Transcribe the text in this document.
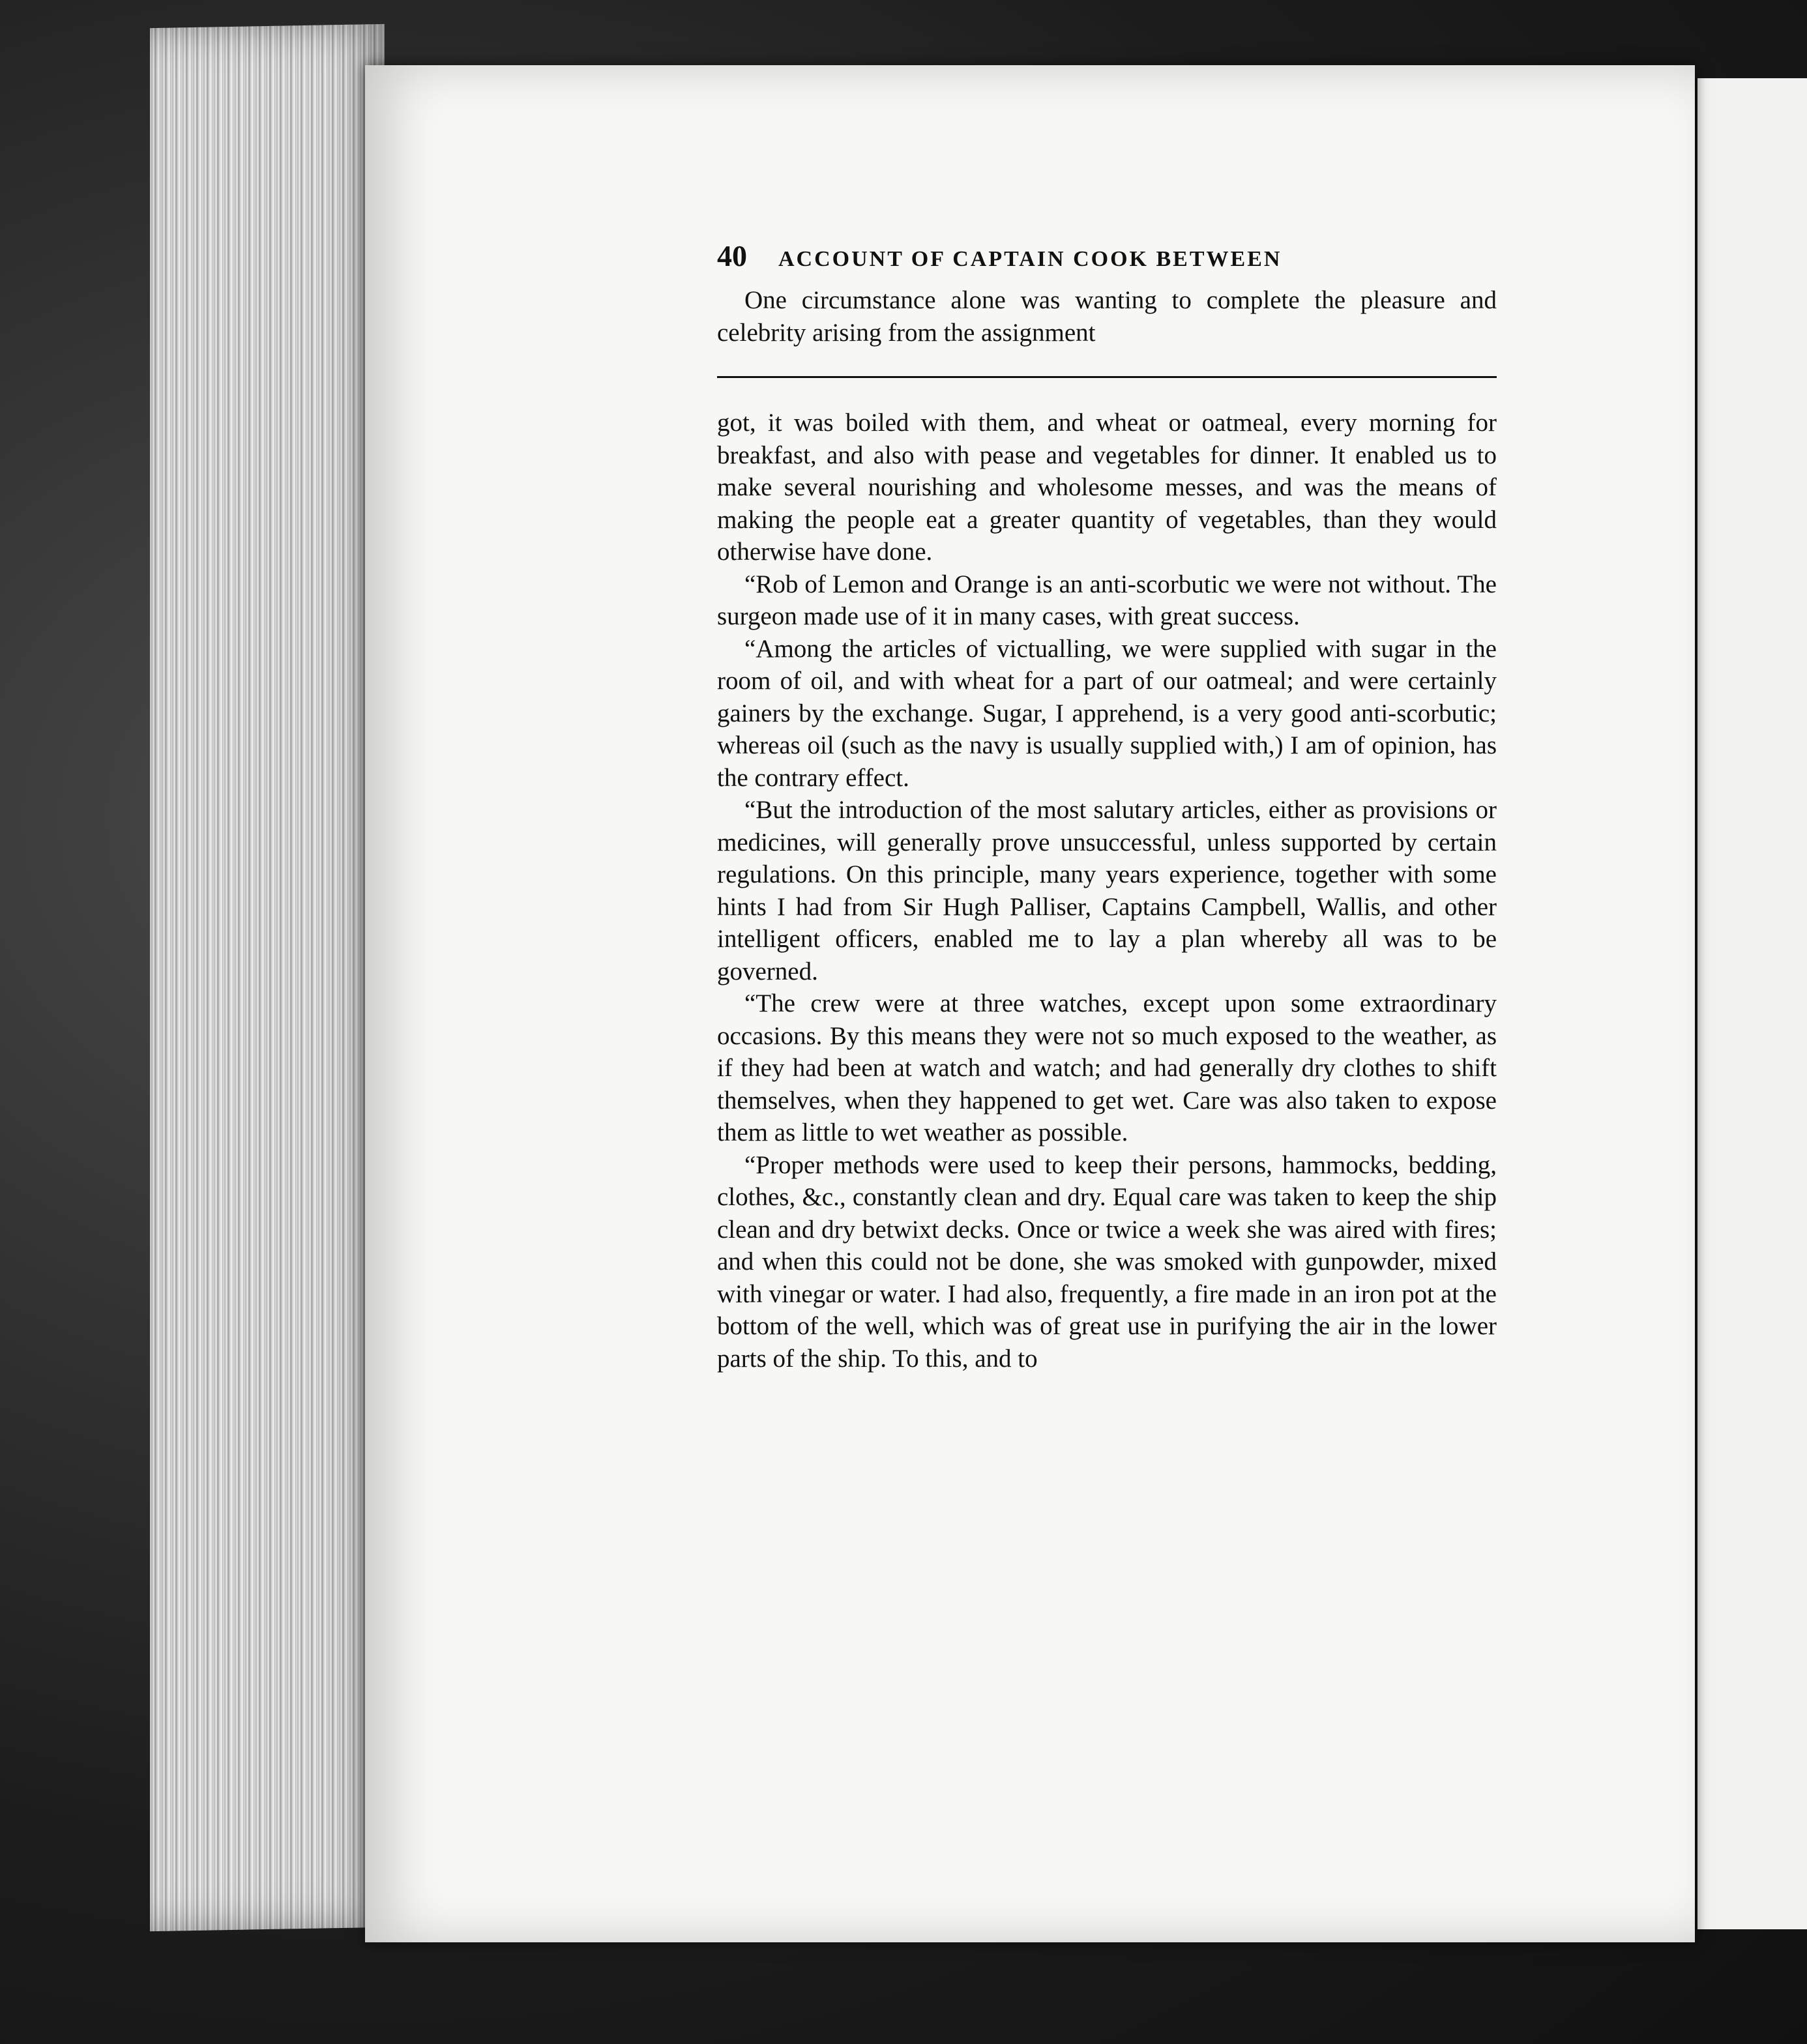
40 ACCOUNT OF CAPTAIN COOK BETWEEN

One circumstance alone was wanting to complete the pleasure and celebrity arising from the assignment

got, it was boiled with them, and wheat or oatmeal, every morning for breakfast, and also with pease and vegetables for dinner. It enabled us to make several nourishing and wholesome messes, and was the means of making the people eat a greater quantity of vegetables, than they would otherwise have done.

“Rob of Lemon and Orange is an anti-scorbutic we were not without. The surgeon made use of it in many cases, with great success.

“Among the articles of victualling, we were supplied with sugar in the room of oil, and with wheat for a part of our oatmeal; and were certainly gainers by the exchange. Sugar, I apprehend, is a very good anti-scorbutic; whereas oil (such as the navy is usually supplied with,) I am of opinion, has the contrary effect.

“But the introduction of the most salutary articles, either as provisions or medicines, will generally prove unsuccessful, unless supported by certain regulations. On this principle, many years experience, together with some hints I had from Sir Hugh Palliser, Captains Campbell, Wallis, and other intelligent officers, enabled me to lay a plan whereby all was to be governed.

“The crew were at three watches, except upon some extraordinary occasions. By this means they were not so much exposed to the weather, as if they had been at watch and watch; and had generally dry clothes to shift themselves, when they happened to get wet. Care was also taken to expose them as little to wet weather as possible.

“Proper methods were used to keep their persons, hammocks, bedding, clothes, &c., constantly clean and dry. Equal care was taken to keep the ship clean and dry betwixt decks. Once or twice a week she was aired with fires; and when this could not be done, she was smoked with gunpowder, mixed with vinegar or water. I had also, frequently, a fire made in an iron pot at the bottom of the well, which was of great use in purifying the air in the lower parts of the ship. To this, and to
